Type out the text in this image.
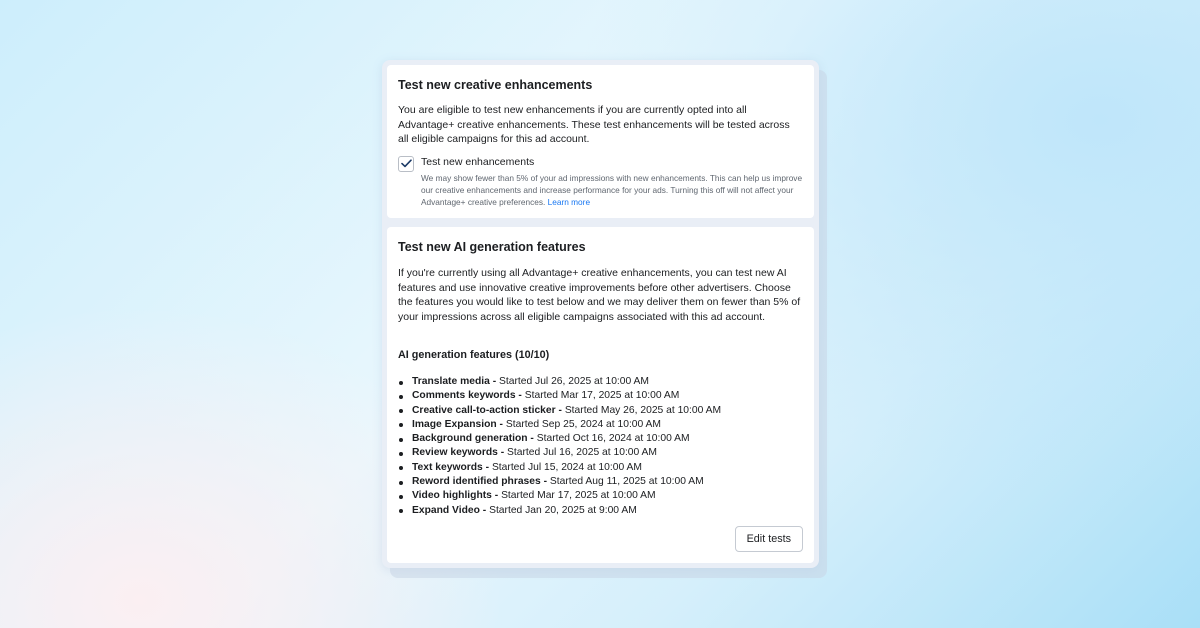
Test new creative enhancements

You are eligible to test new enhancements if you are currently opted into all Advantage+ creative enhancements. These test enhancements will be tested across all eligible campaigns for this ad account.

Test new enhancements
We may show fewer than 5% of your ad impressions with new enhancements. This can help us improve our creative enhancements and increase performance for your ads. Turning this off will not affect your Advantage+ creative preferences. Learn more
Test new AI generation features

If you're currently using all Advantage+ creative enhancements, you can test new AI features and use innovative creative improvements before other advertisers. Choose the features you would like to test below and we may deliver them on fewer than 5% of your impressions across all eligible campaigns associated with this ad account.

AI generation features (10/10)
Translate media - Started Jul 26, 2025 at 10:00 AM
Comments keywords - Started Mar 17, 2025 at 10:00 AM
Creative call-to-action sticker - Started May 26, 2025 at 10:00 AM
Image Expansion - Started Sep 25, 2024 at 10:00 AM
Background generation - Started Oct 16, 2024 at 10:00 AM
Review keywords - Started Jul 16, 2025 at 10:00 AM
Text keywords - Started Jul 15, 2024 at 10:00 AM
Reword identified phrases - Started Aug 11, 2025 at 10:00 AM
Video highlights - Started Mar 17, 2025 at 10:00 AM
Expand Video - Started Jan 20, 2025 at 9:00 AM
Edit tests
